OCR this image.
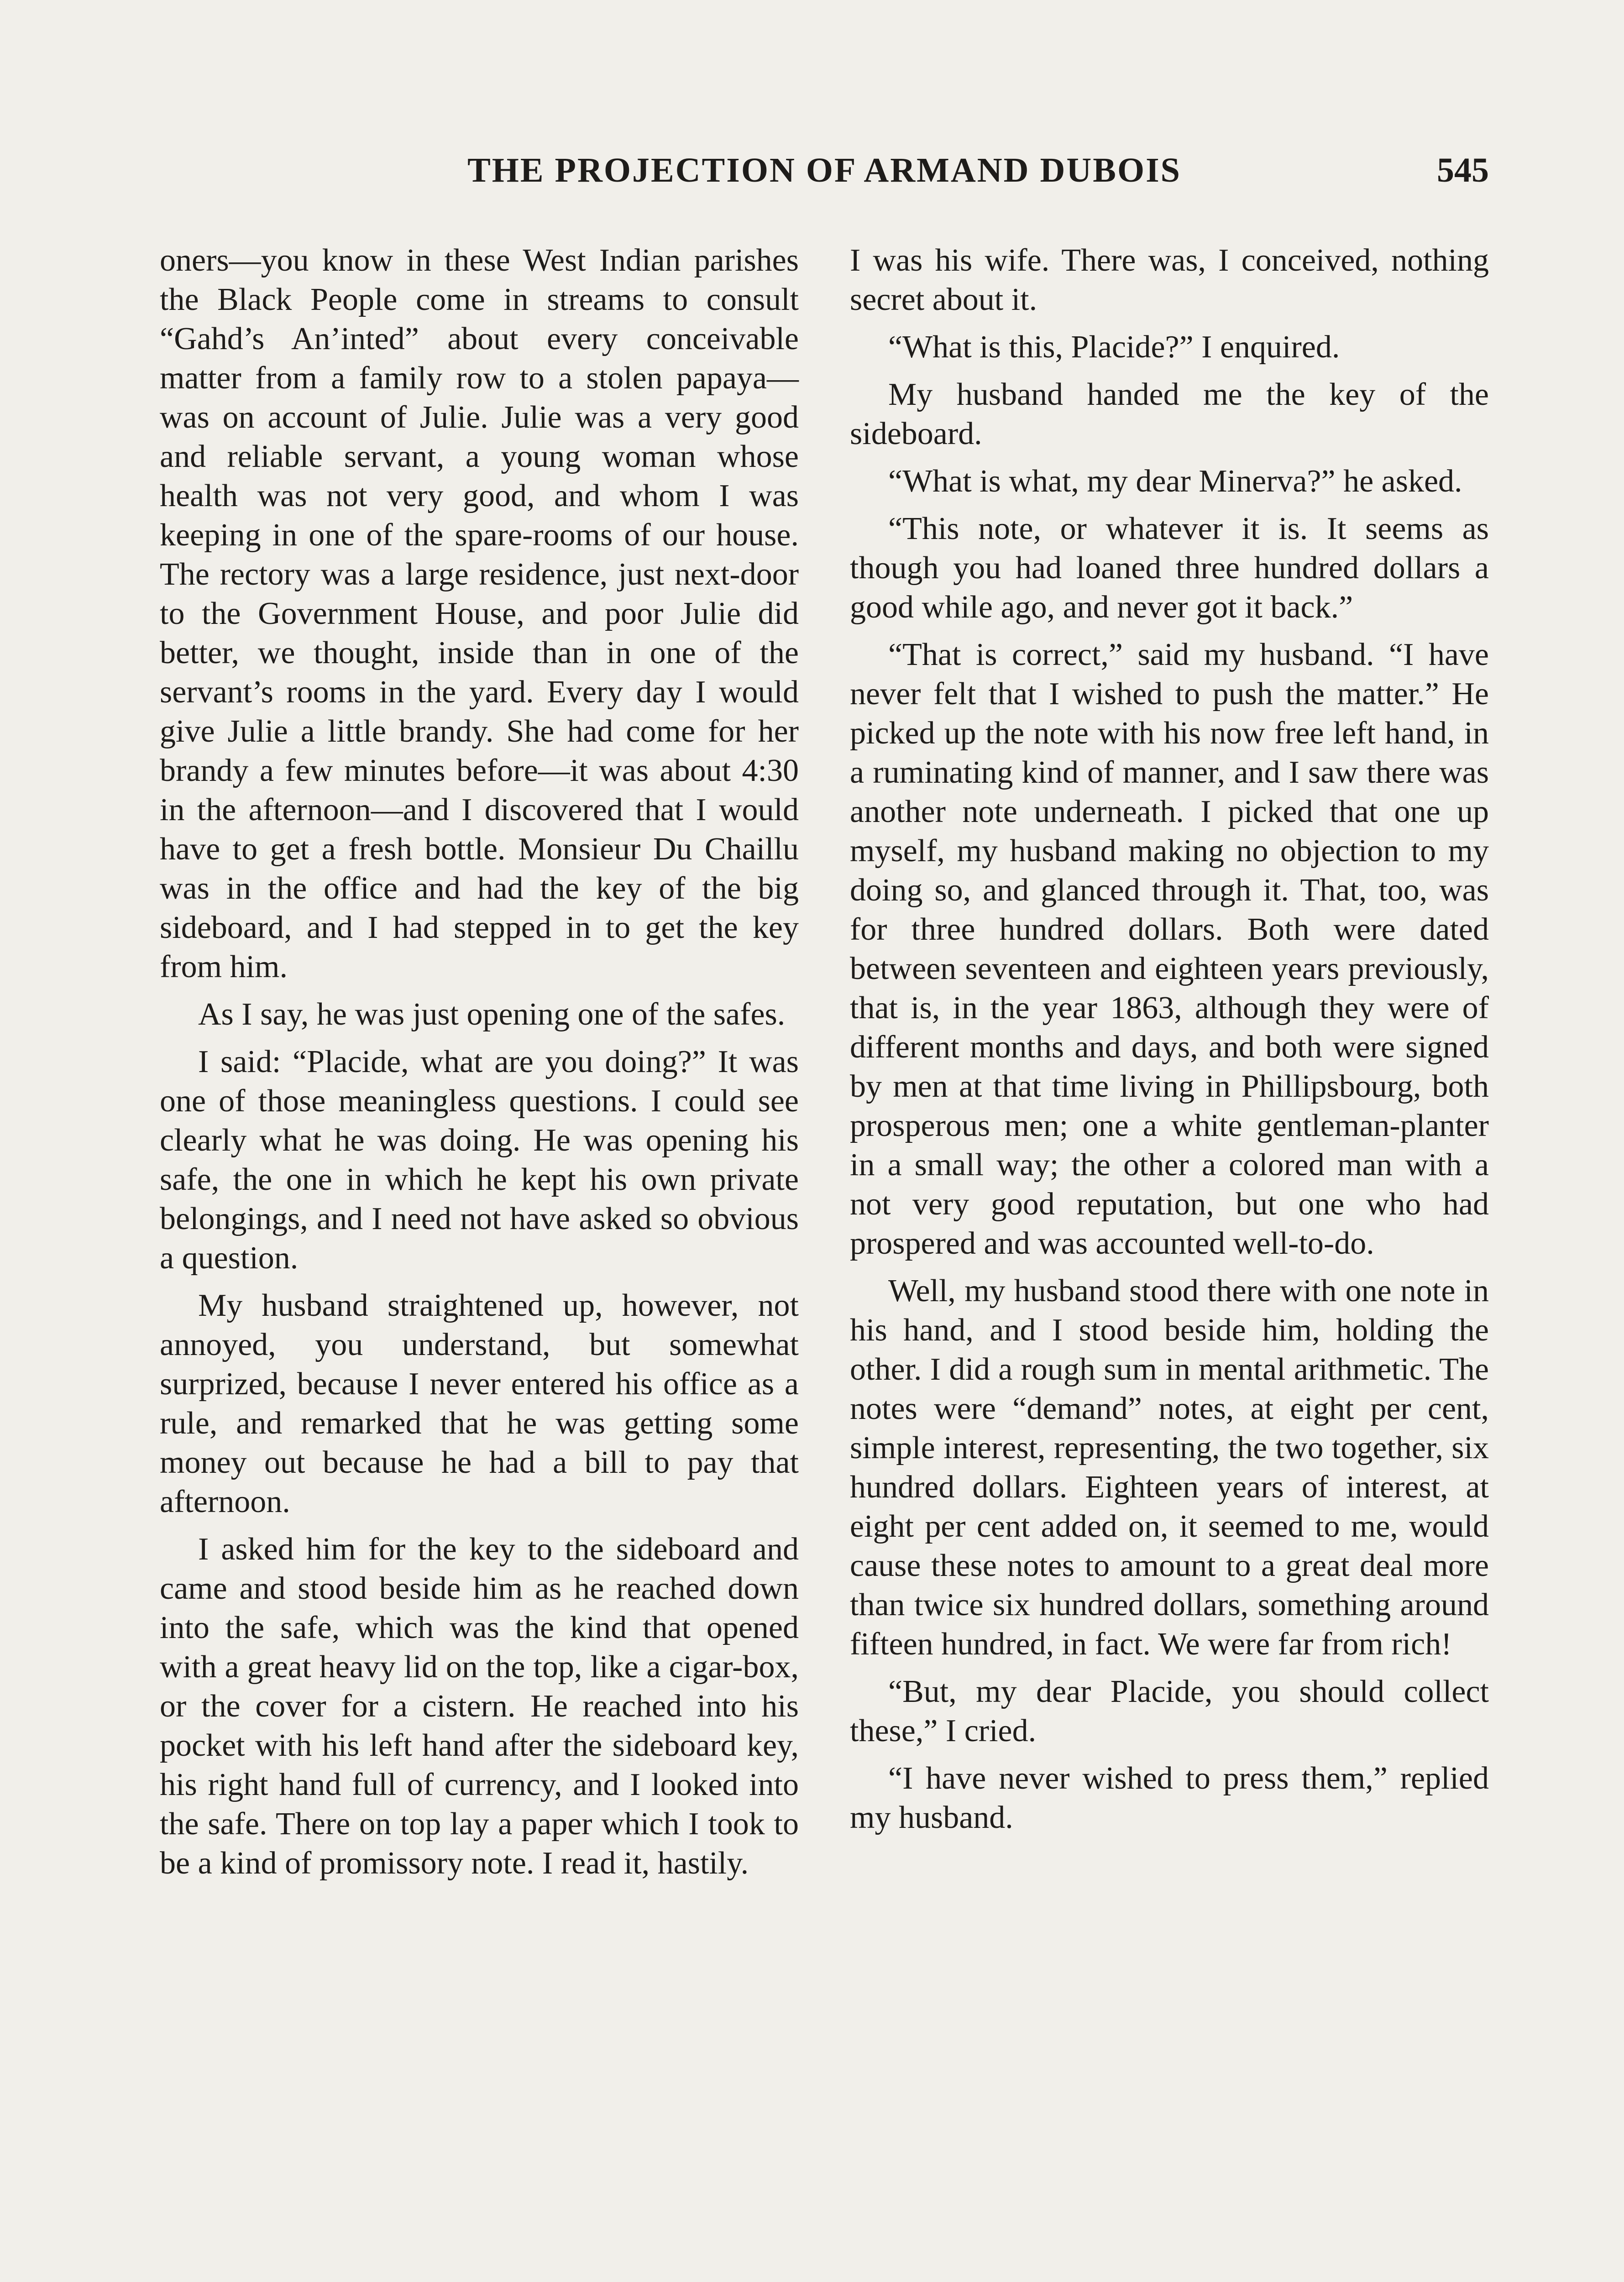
THE PROJECTION OF ARMAND DUBOIS	545

oners—you know in these West Indian parishes the Black People come in streams to consult “Gahd’s An’inted” about every conceivable matter from a family row to a stolen papaya—was on account of Julie. Julie was a very good and reliable servant, a young woman whose health was not very good, and whom I was keeping in one of the spare-rooms of our house. The rectory was a large residence, just next-door to the Government House, and poor Julie did better, we thought, inside than in one of the servant’s rooms in the yard. Every day I would give Julie a little brandy. She had come for her brandy a few minutes before—it was about 4:30 in the afternoon—and I discovered that I would have to get a fresh bottle. Monsieur Du Chaillu was in the office and had the key of the big sideboard, and I had stepped in to get the key from him.

As I say, he was just opening one of the safes.

I said: “Placide, what are you doing?” It was one of those meaningless questions. I could see clearly what he was doing. He was opening his safe, the one in which he kept his own private belongings, and I need not have asked so obvious a question.

My husband straightened up, however, not annoyed, you understand, but somewhat surprized, because I never entered his office as a rule, and remarked that he was getting some money out because he had a bill to pay that afternoon.

I asked him for the key to the sideboard and came and stood beside him as he reached down into the safe, which was the kind that opened with a great heavy lid on the top, like a cigar-box, or the cover for a cistern. He reached into his pocket with his left hand after the sideboard key, his right hand full of currency, and I looked into the safe. There on top lay a paper which I took to be a kind of promissory note. I read it, hastily.

I was his wife. There was, I conceived, nothing secret about it.

“What is this, Placide?” I enquired.

My husband handed me the key of the sideboard.

“What is what, my dear Minerva?” he asked.

“This note, or whatever it is. It seems as though you had loaned three hundred dollars a good while ago, and never got it back.”

“That is correct,” said my husband. “I have never felt that I wished to push the matter.” He picked up the note with his now free left hand, in a ruminating kind of manner, and I saw there was another note underneath. I picked that one up myself, my husband making no objection to my doing so, and glanced through it. That, too, was for three hundred dollars. Both were dated between seventeen and eighteen years previously, that is, in the year 1863, although they were of different months and days, and both were signed by men at that time living in Phillipsbourg, both prosperous men; one a white gentleman-planter in a small way; the other a colored man with a not very good reputation, but one who had prospered and was accounted well-to-do.

Well, my husband stood there with one note in his hand, and I stood beside him, holding the other. I did a rough sum in mental arithmetic. The notes were “demand” notes, at eight per cent, simple interest, representing, the two together, six hundred dollars. Eighteen years of interest, at eight per cent added on, it seemed to me, would cause these notes to amount to a great deal more than twice six hundred dollars, something around fifteen hundred, in fact. We were far from rich!

“But, my dear Placide, you should collect these,” I cried.

“I have never wished to press them,” replied my husband.
